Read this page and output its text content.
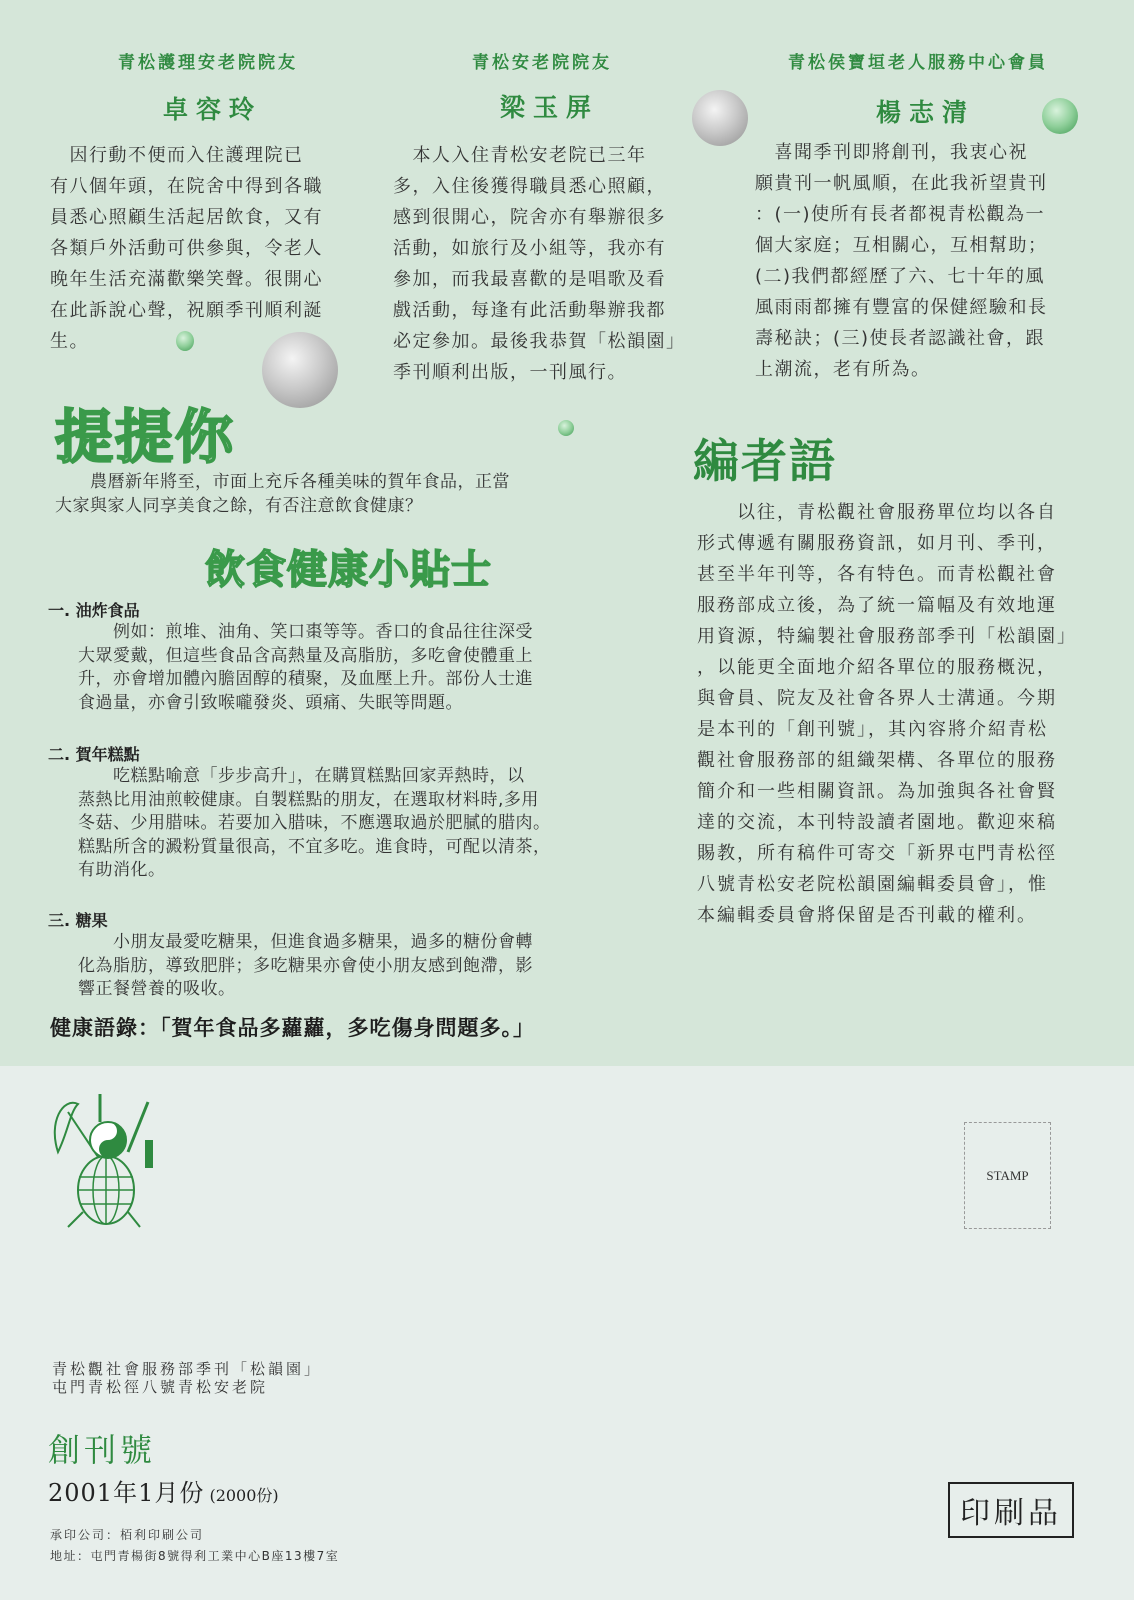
青松護理安老院院友
卓容玲
　因行動不便而入住護理院已
有八個年頭，在院舍中得到各職
員悉心照顧生活起居飲食，又有
各類戶外活動可供參與，令老人
晚年生活充滿歡樂笑聲。很開心
在此訴說心聲，祝願季刊順利誕
生。
青松安老院院友
梁玉屏
　本人入住青松安老院已三年
多，入住後獲得職員悉心照顧，
感到很開心，院舍亦有舉辦很多
活動，如旅行及小組等，我亦有
參加，而我最喜歡的是唱歌及看
戲活動，每逢有此活動舉辦我都
必定參加。最後我恭賀「松韻園」
季刊順利出版，一刊風行。
青松侯寶垣老人服務中心會員
楊志清
　喜聞季刊即將創刊，我衷心祝
願貴刊一帆風順，在此我祈望貴刊
：(一)使所有長者都視青松觀為一
個大家庭；互相關心，互相幫助；
(二)我們都經歷了六、七十年的風
風雨雨都擁有豐富的保健經驗和長
壽秘訣；(三)使長者認識社會，跟
上潮流，老有所為。
提提你
　　農曆新年將至，市面上充斥各種美味的賀年食品，正當
大家與家人同享美食之餘，有否注意飲食健康？
飲食健康小貼士
一. 油炸食品
　　例如：煎堆、油角、笑口棗等等。香口的食品往往深受
大眾愛戴，但這些食品含高熱量及高脂肪，多吃會使體重上
升，亦會增加體內膽固醇的積聚，及血壓上升。部份人士進
食過量，亦會引致喉嚨發炎、頭痛、失眠等問題。
二. 賀年糕點
　　吃糕點喻意「步步高升」，在購買糕點回家弄熱時，以
蒸熱比用油煎較健康。自製糕點的朋友，在選取材料時,多用
冬菇、少用腊味。若要加入腊味，不應選取過於肥膩的腊肉。
糕點所含的澱粉質量很高，不宜多吃。進食時，可配以清茶，
有助消化。
三. 糖果
　　小朋友最愛吃糖果，但進食過多糖果，過多的糖份會轉
化為脂肪，導致肥胖；多吃糖果亦會使小朋友感到飽滯，影
響正餐營養的吸收。
健康語錄：「賀年食品多蘿蘿，多吃傷身問題多。」
編者語
　　以往，青松觀社會服務單位均以各自
形式傳遞有關服務資訊，如月刊、季刊，
甚至半年刊等，各有特色。而青松觀社會
服務部成立後，為了統一篇幅及有效地運
用資源，特編製社會服務部季刊「松韻園」
，以能更全面地介紹各單位的服務概況，
與會員、院友及社會各界人士溝通。今期
是本刊的「創刊號」，其內容將介紹青松
觀社會服務部的組織架構、各單位的服務
簡介和一些相關資訊。為加強與各社會賢
達的交流，本刊特設讀者園地。歡迎來稿
賜教，所有稿件可寄交「新界屯門青松徑
八號青松安老院松韻園編輯委員會」，惟
本編輯委員會將保留是否刊載的權利。
STAMP
青松觀社會服務部季刊「松韻園」
屯門青松徑八號青松安老院
創刊號
2001年1月份 (2000份)
承印公司：栢利印刷公司
地址：屯門青楊街8號得利工業中心B座13樓7室
印刷品
